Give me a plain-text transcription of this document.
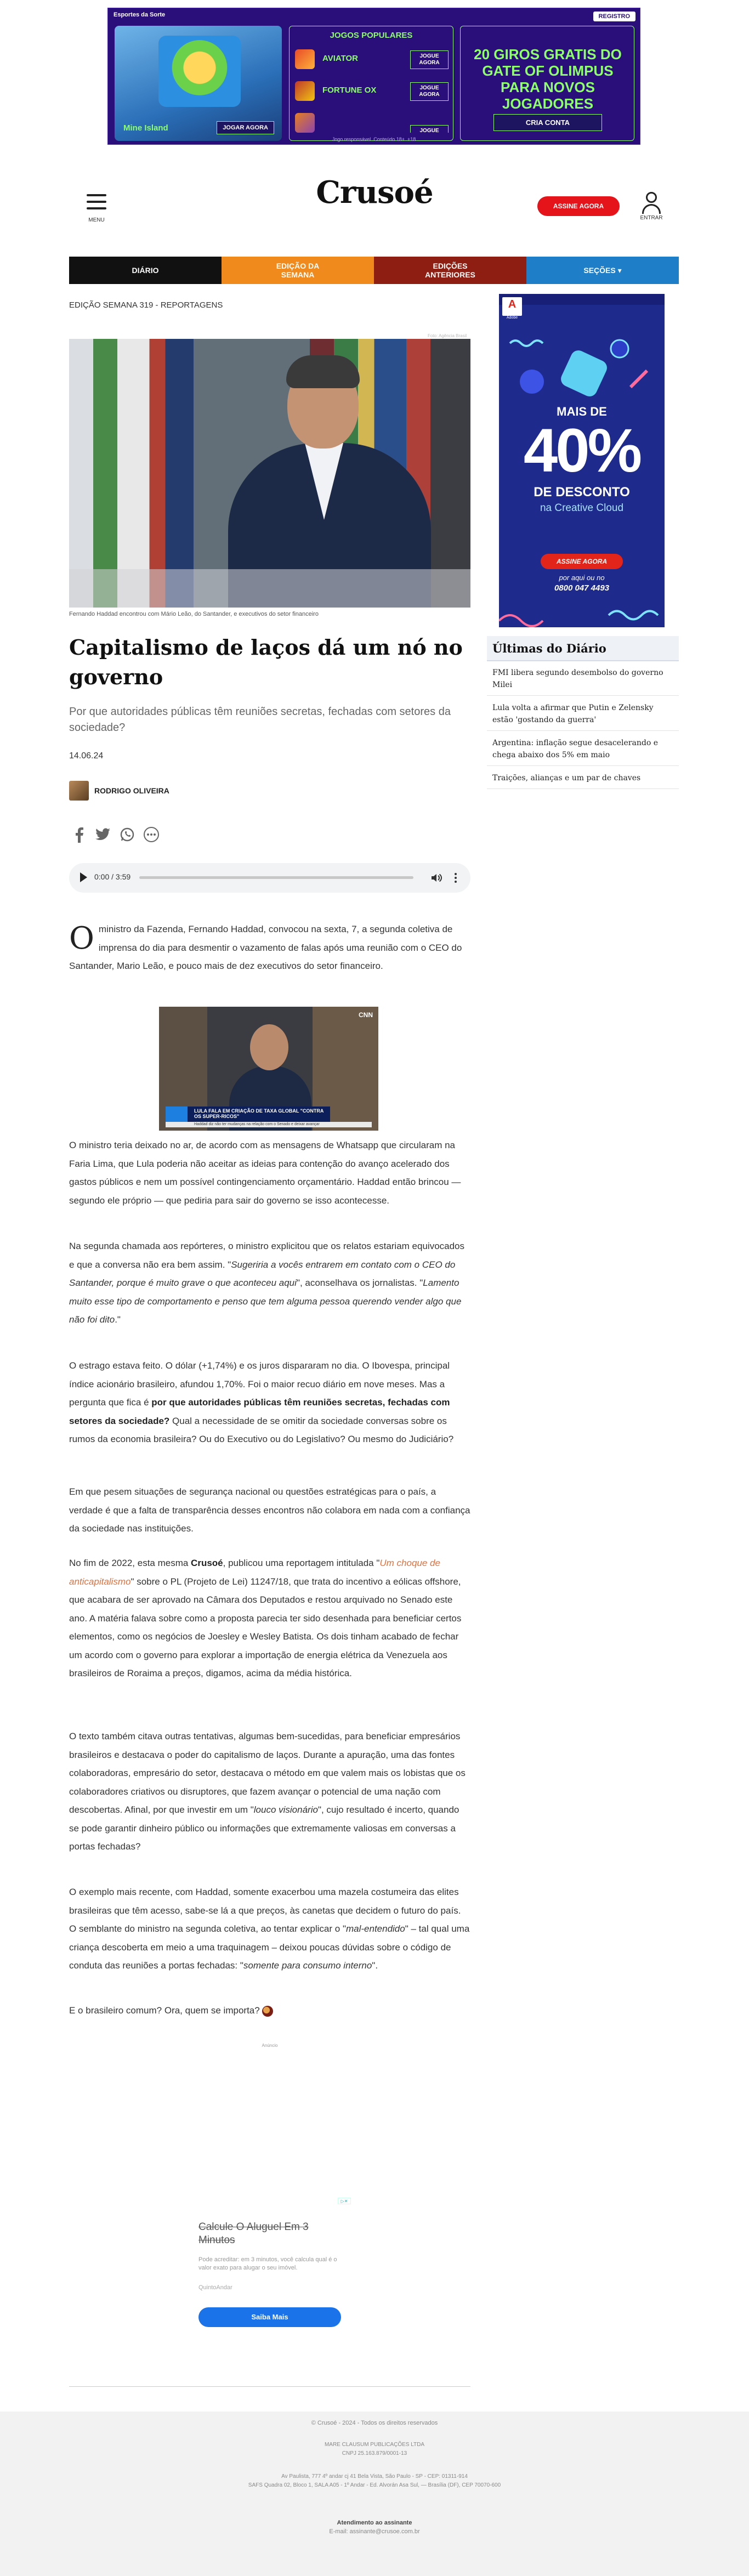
Esportes da Sorte	REGISTRO
Mine Island	JOGAR AGORA
JOGOS POPULARES
AVIATOR	JOGUE AGORA
FORTUNE OX	JOGUE AGORA
JOGUE
20 GIROS GRATIS DO GATE OF OLIMPUS PARA NOVOS JOGADORES
CRIA CONTA
Jogo responsável. Conteúdo 18+. +18
MENU
Crusoé	ASSINE AGORA
ENTRAR
DIÁRIO	EDIÇÃO DA SEMANA
EDIÇÕES ANTERIORES	SEÇÕES ▾
EDIÇÃO SEMANA 319 - REPORTAGENS
Foto: Agência Brasil
Fernando Haddad encontrou com Mário Leão, do Santander, e executivos do setor financeiro
Capitalismo de laços dá um nó no governo
Por que autoridades públicas têm reuniões secretas, fechadas com setores da sociedade?
14.06.24
RODRIGO OLIVEIRA
0:00 / 3:59
Oministro da Fazenda, Fernando Haddad, convocou na sexta, 7, a segunda coletiva de imprensa do dia para desmentir o vazamento de falas após uma reunião com o CEO do Santander, Mario Leão, e pouco mais de dez executivos do setor financeiro.
CNN
LULA FALA EM CRIAÇÃO DE TAXA GLOBAL "CONTRA OS SUPER-RICOS"
Haddad diz não ter mudanças na relação com o Senado e deixar avançar
O ministro teria deixado no ar, de acordo com as mensagens de Whatsapp que circularam na Faria Lima, que Lula poderia não aceitar as ideias para contenção do avanço acelerado dos gastos públicos e nem um possível contingenciamento orçamentário. Haddad então brincou — segundo ele próprio — que pediria para sair do governo se isso acontecesse.
Na segunda chamada aos repórteres, o ministro explicitou que os relatos estariam equivocados e que a conversa não era bem assim. "Sugeriria a vocês entrarem em contato com o CEO do Santander, porque é muito grave o que aconteceu aqui", aconselhava os jornalistas. "Lamento muito esse tipo de comportamento e penso que tem alguma pessoa querendo vender algo que não foi dito."
O estrago estava feito. O dólar (+1,74%) e os juros dispararam no dia. O Ibovespa, principal índice acionário brasileiro, afundou 1,70%. Foi o maior recuo diário em nove meses. Mas a pergunta que fica é por que autoridades públicas têm reuniões secretas, fechadas com setores da sociedade? Qual a necessidade de se omitir da sociedade conversas sobre os rumos da economia brasileira? Ou do Executivo ou do Legislativo? Ou mesmo do Judiciário?
Em que pesem situações de segurança nacional ou questões estratégicas para o país, a verdade é que a falta de transparência desses encontros não colabora em nada com a confiança da sociedade nas instituições.
No fim de 2022, esta mesma Crusoé, publicou uma reportagem intitulada "Um choque de anticapitalismo" sobre o PL (Projeto de Lei) 11247/18, que trata do incentivo a eólicas offshore, que acabara de ser aprovado na Câmara dos Deputados e restou arquivado no Senado este ano. A matéria falava sobre como a proposta parecia ter sido desenhada para beneficiar certos elementos, como os negócios de Joesley e Wesley Batista. Os dois tinham acabado de fechar um acordo com o governo para explorar a importação de energia elétrica da Venezuela aos brasileiros de Roraima a preços, digamos, acima da média histórica.
O texto também citava outras tentativas, algumas bem-sucedidas, para beneficiar empresários brasileiros e destacava o poder do capitalismo de laços. Durante a apuração, uma das fontes colaboradoras, empresário do setor, destacava o método em que valem mais os lobistas que os colaboradores criativos ou disruptores, que fazem avançar o potencial de uma nação com descobertas. Afinal, por que investir em um "louco visionário", cujo resultado é incerto, quando se pode garantir dinheiro público ou informações que extremamente valiosas em conversas a portas fechadas?
O exemplo mais recente, com Haddad, somente exacerbou uma mazela costumeira das elites brasileiras que têm acesso, sabe-se lá a que preços, às canetas que decidem o futuro do país. O semblante do ministro na segunda coletiva, ao tentar explicar o "mal-entendido" – tal qual uma criança descoberta em meio a uma traquinagem – deixou poucas dúvidas sobre o código de conduta das reuniões a portas fechadas: "somente para consumo interno".
E o brasileiro comum? Ora, quem se importa?
Anúncio
▷✕
Calcule O Aluguel Em 3 Minutos
Pode acreditar: em 3 minutos, você calcula qual é o valor exato para alugar o seu imóvel.
QuintoAndar
Saiba Mais
© Crusoé - 2024 - Todos os direitos reservados
MARE CLAUSUM PUBLICAÇÕES LTDA
CNPJ 25.163.879/0001-13
Av Paulista, 777 4º andar cj 41 Bela Vista, São Paulo - SP - CEP: 01311-914
SAFS Quadra 02, Bloco 1, SALA A05 - 1º Andar - Ed. Alvorán Asa Sul, — Brasília (DF), CEP 70070-600
Atendimento ao assinante
E-mail: assinante@crusoe.com.br
A
Adobe
MAIS DE
40%
DE DESCONTO
na Creative Cloud
ASSINE AGORA
por aqui ou no
0800 047 4493
Últimas do Diário
FMI libera segundo desembolso do governo Milei
Lula volta a afirmar que Putin e Zelensky estão 'gostando da guerra'
Argentina: inflação segue desacelerando e chega abaixo dos 5% em maio
Traições, alianças e um par de chaves
